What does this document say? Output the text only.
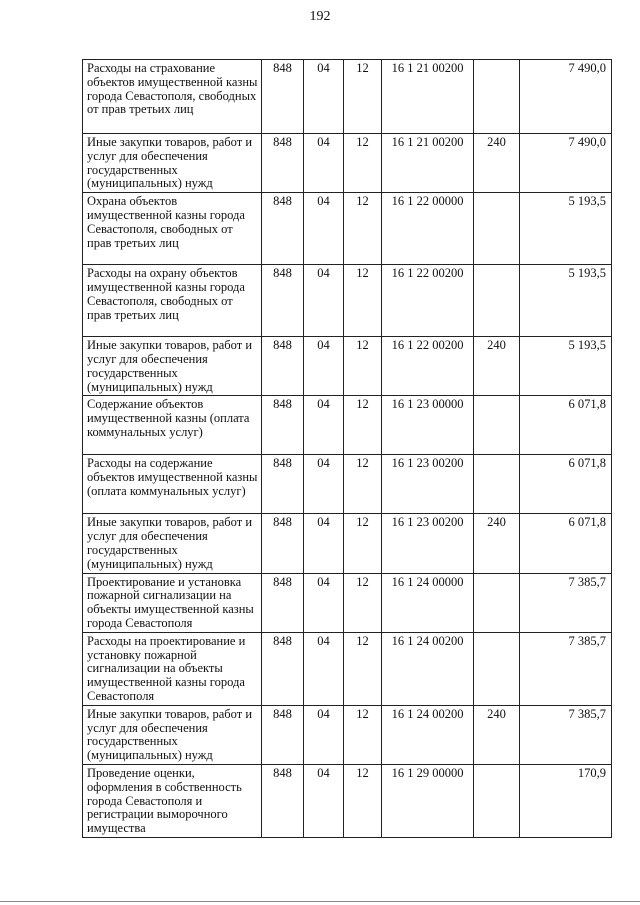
192
Расходы на страхование объектов имущественной казны города Севастополя, свободных от прав третьих лиц	848	04	12	16 1 21 00200		7 490,0
Иные закупки товаров, работ и услуг для обеспечения государственных (муниципальных) нужд	848	04	12	16 1 21 00200	240	7 490,0
Охрана объектов имущественной казны города Севастополя, свободных от прав третьих лиц	848	04	12	16 1 22 00000		5 193,5
Расходы на охрану объектов имущественной казны города Севастополя, свободных от прав третьих лиц	848	04	12	16 1 22 00200		5 193,5
Иные закупки товаров, работ и услуг для обеспечения государственных (муниципальных) нужд	848	04	12	16 1 22 00200	240	5 193,5
Содержание объектов имущественной казны (оплата коммунальных услуг)	848	04	12	16 1 23 00000		6 071,8
Расходы на содержание объектов имущественной казны (оплата коммунальных услуг)	848	04	12	16 1 23 00200		6 071,8
Иные закупки товаров, работ и услуг для обеспечения государственных (муниципальных) нужд	848	04	12	16 1 23 00200	240	6 071,8
Проектирование и установка пожарной сигнализации на объекты имущественной казны города Севастополя	848	04	12	16 1 24 00000		7 385,7
Расходы на проектирование и установку пожарной сигнализации на объекты имущественной казны города Севастополя	848	04	12	16 1 24 00200		7 385,7
Иные закупки товаров, работ и услуг для обеспечения государственных (муниципальных) нужд	848	04	12	16 1 24 00200	240	7 385,7
Проведение оценки, оформления в собственность города Севастополя и регистрации выморочного имущества	848	04	12	16 1 29 00000		170,9
